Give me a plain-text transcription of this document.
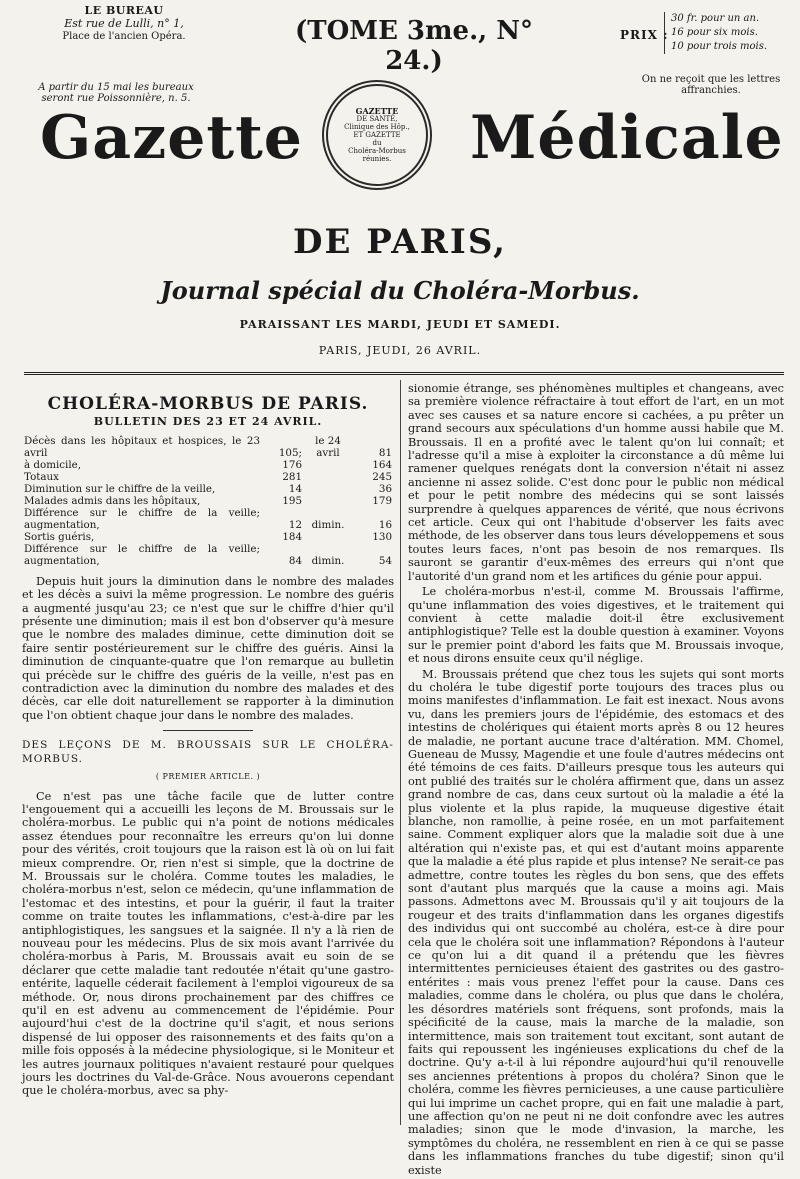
LE BUREAU
Est rue de Lulli, n° 1,
Place de l'ancien Opéra.
A partir du 15 mai les bureaux
seront rue Poissonnière, n. 5.
(TOME 3me., N° 24.)
PRIX :
30 fr. pour un an.
16 pour six mois.
10 pour trois mois.
On ne reçoit que les lettres
affranchies.
Gazette	GAZETTE
DE SANTÉ,
Clinique des Hôp.,
ET GAZETTE
du
Choléra-Morbus
réunies.	Médicale
DE PARIS,
Journal spécial du Choléra-Morbus.
PARAISSANT LES MARDI, JEUDI ET SAMEDI.
PARIS, JEUDI, 26 AVRIL.
CHOLÉRA-MORBUS DE PARIS.
BULLETIN DES 23 ET 24 AVRIL.
Décès dans les hôpitaux et hospices, le 23 avril	105;	le 24 avril	81
à domicile,	176		164
Totaux	281		245
Diminution sur le chiffre de la veille,	14		36
Malades admis dans les hôpitaux,	195		179
Différence sur le chiffre de la veille; augmentation,	12	dimin.	16
Sortis guéris,	184		130
Différence sur le chiffre de la veille; augmentation,	84	dimin.	54

Depuis huit jours la diminution dans le nombre des malades et les décès a suivi la même progression. Le nombre des guéris a augmenté jusqu'au 23; ce n'est que sur le chiffre d'hier qu'il présente une diminution; mais il est bon d'observer qu'à mesure que le nombre des malades diminue, cette diminution doit se faire sentir postérieurement sur le chiffre des guéris. Ainsi la diminution de cinquante-quatre que l'on remarque au bulletin qui précède sur le chiffre des guéris de la veille, n'est pas en contradiction avec la diminution du nombre des malades et des décès, car elle doit naturellement se rapporter à la diminution que l'on obtient chaque jour dans le nombre des malades.

DES LEÇONS DE M. BROUSSAIS SUR LE CHOLÉRA-MORBUS.
( PREMIER ARTICLE. )

Ce n'est pas une tâche facile que de lutter contre l'engouement qui a accueilli les leçons de M. Broussais sur le choléra-morbus. Le public qui n'a point de notions médicales assez étendues pour reconnaître les erreurs qu'on lui donne pour des vérités, croit toujours que la raison est là où on lui fait mieux comprendre. Or, rien n'est si simple, que la doctrine de M. Broussais sur le choléra. Comme toutes les maladies, le choléra-morbus n'est, selon ce médecin, qu'une inflammation de l'estomac et des intestins, et pour la guérir, il faut la traiter comme on traite toutes les inflammations, c'est-à-dire par les antiphlogistiques, les sangsues et la saignée. Il n'y a là rien de nouveau pour les médecins. Plus de six mois avant l'arrivée du choléra-morbus à Paris, M. Broussais avait eu soin de se déclarer que cette maladie tant redoutée n'était qu'une gastro-entérite, laquelle céderait facilement à l'emploi vigoureux de sa méthode. Or, nous dirons prochainement par des chiffres ce qu'il en est advenu au commencement de l'épidémie. Pour aujourd'hui c'est de la doctrine qu'il s'agit, et nous serions dispensé de lui opposer des raisonnements et des faits qu'on a mille fois opposés à la médecine physiologique, si le Moniteur et les autres journaux politiques n'avaient restauré pour quelques jours les doctrines du Val-de-Grâce. Nous avouerons cependant que le choléra-morbus, avec sa phy-

sionomie étrange, ses phénomènes multiples et changeans, avec sa première violence réfractaire à tout effort de l'art, en un mot avec ses causes et sa nature encore si cachées, a pu prêter un grand secours aux spéculations d'un homme aussi habile que M. Broussais. Il en a profité avec le talent qu'on lui connaît; et l'adresse qu'il a mise à exploiter la circonstance a dû même lui ramener quelques renégats dont la conversion n'était ni assez ancienne ni assez solide. C'est donc pour le public non médical et pour le petit nombre des médecins qui se sont laissés surprendre à quelques apparences de vérité, que nous écrivons cet article. Ceux qui ont l'habitude d'observer les faits avec méthode, de les observer dans tous leurs développemens et sous toutes leurs faces, n'ont pas besoin de nos remarques. Ils sauront se garantir d'eux-mêmes des erreurs qui n'ont que l'autorité d'un grand nom et les artifices du génie pour appui.

Le choléra-morbus n'est-il, comme M. Broussais l'affirme, qu'une inflammation des voies digestives, et le traitement qui convient à cette maladie doit-il être exclusivement antiphlogistique? Telle est la double question à examiner. Voyons sur le premier point d'abord les faits que M. Broussais invoque, et nous dirons ensuite ceux qu'il néglige.

M. Broussais prétend que chez tous les sujets qui sont morts du choléra le tube digestif porte toujours des traces plus ou moins manifestes d'inflammation. Le fait est inexact. Nous avons vu, dans les premiers jours de l'épidémie, des estomacs et des intestins de cholériques qui étaient morts après 8 ou 12 heures de maladie, ne portant aucune trace d'altération. MM. Chomel, Gueneau de Mussy, Magendie et une foule d'autres médecins ont été témoins de ces faits. D'ailleurs presque tous les auteurs qui ont publié des traités sur le choléra affirment que, dans un assez grand nombre de cas, dans ceux surtout où la maladie a été la plus violente et la plus rapide, la muqueuse digestive était blanche, non ramollie, à peine rosée, en un mot parfaitement saine. Comment expliquer alors que la maladie soit due à une altération qui n'existe pas, et qui est d'autant moins apparente que la maladie a été plus rapide et plus intense? Ne serait-ce pas admettre, contre toutes les règles du bon sens, que des effets sont d'autant plus marqués que la cause a moins agi. Mais passons. Admettons avec M. Broussais qu'il y ait toujours de la rougeur et des traits d'inflammation dans les organes digestifs des individus qui ont succombé au choléra, est-ce à dire pour cela que le choléra soit une inflammation? Répondons à l'auteur ce qu'on lui a dit quand il a prétendu que les fièvres intermittentes pernicieuses étaient des gastrites ou des gastro-entérites : mais vous prenez l'effet pour la cause. Dans ces maladies, comme dans le choléra, ou plus que dans le choléra, les désordres matériels sont fréquens, sont profonds, mais la spécificité de la cause, mais la marche de la maladie, son intermittence, mais son traitement tout excitant, sont autant de faits qui repoussent les ingénieuses explications du chef de la doctrine. Qu'y a-t-il à lui répondre aujourd'hui qu'il renouvelle ses anciennes prétentions à propos du choléra? Sinon que le choléra, comme les fièvres pernicieuses, a une cause particulière qui lui imprime un cachet propre, qui en fait une maladie à part, une affection qu'on ne peut ni ne doit confondre avec les autres maladies; sinon que le mode d'invasion, la marche, les symptômes du choléra, ne ressemblent en rien à ce qui se passe dans les inflammations franches du tube digestif; sinon qu'il existe
